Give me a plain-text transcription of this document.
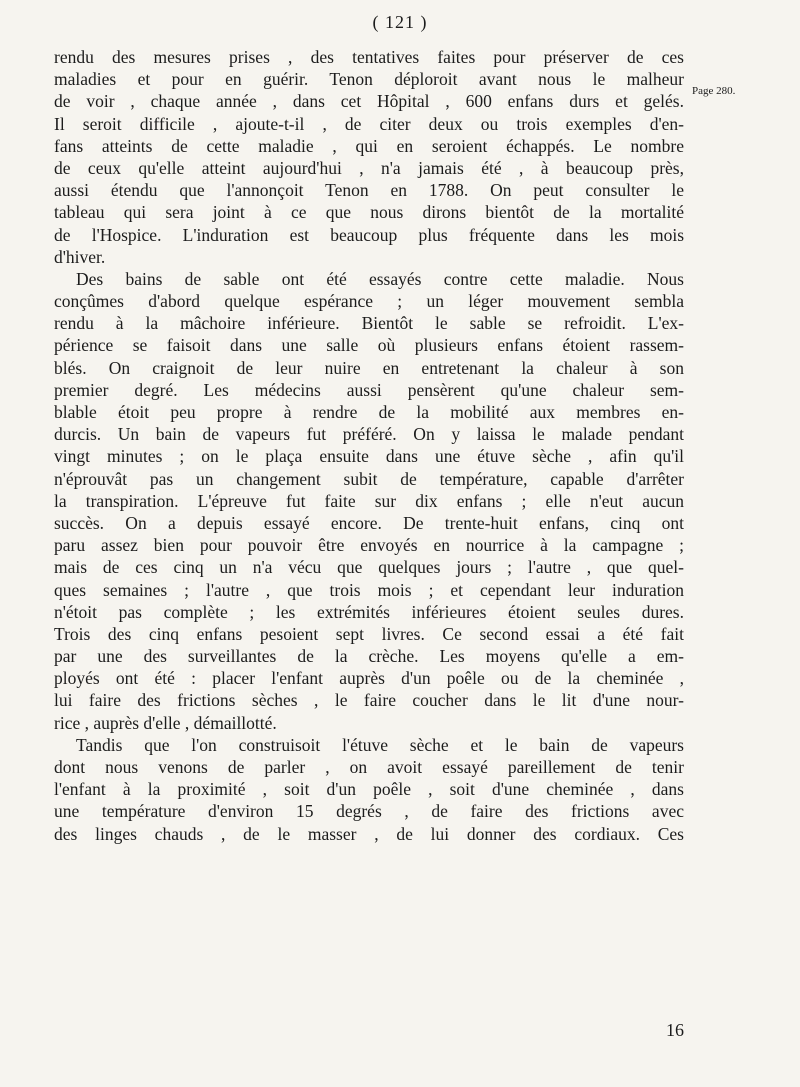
( 121 )
Page 280.
rendu des mesures prises , des tentatives faites pour préserver de ces
maladies et pour en guérir. Tenon déploroit avant nous le malheur
de voir , chaque année , dans cet Hôpital , 600 enfans durs et gelés.
Il seroit difficile , ajoute-t-il , de citer deux ou trois exemples d'en-
fans atteints de cette maladie , qui en seroient échappés. Le nombre
de ceux qu'elle atteint aujourd'hui , n'a jamais été , à beaucoup près,
aussi étendu que l'annonçoit Tenon en 1788. On peut consulter le
tableau qui sera joint à ce que nous dirons bientôt de la mortalité
de l'Hospice. L'induration est beaucoup plus fréquente dans les mois
d'hiver.
Des bains de sable ont été essayés contre cette maladie. Nous
conçûmes d'abord quelque espérance ; un léger mouvement sembla
rendu à la mâchoire inférieure. Bientôt le sable se refroidit. L'ex-
périence se faisoit dans une salle où plusieurs enfans étoient rassem-
blés. On craignoit de leur nuire en entretenant la chaleur à son
premier degré. Les médecins aussi pensèrent qu'une chaleur sem-
blable étoit peu propre à rendre de la mobilité aux membres en-
durcis. Un bain de vapeurs fut préféré. On y laissa le malade pendant
vingt minutes ; on le plaça ensuite dans une étuve sèche , afin qu'il
n'éprouvât pas un changement subit de température, capable d'arrêter
la transpiration. L'épreuve fut faite sur dix enfans ; elle n'eut aucun
succès. On a depuis essayé encore. De trente-huit enfans, cinq ont
paru assez bien pour pouvoir être envoyés en nourrice à la campagne ;
mais de ces cinq un n'a vécu que quelques jours ; l'autre , que quel-
ques semaines ; l'autre , que trois mois ; et cependant leur induration
n'étoit pas complète ; les extrémités inférieures étoient seules dures.
Trois des cinq enfans pesoient sept livres. Ce second essai a été fait
par une des surveillantes de la crèche. Les moyens qu'elle a em-
ployés ont été : placer l'enfant auprès d'un poêle ou de la cheminée ,
lui faire des frictions sèches , le faire coucher dans le lit d'une nour-
rice , auprès d'elle , démaillotté.
Tandis que l'on construisoit l'étuve sèche et le bain de vapeurs
dont nous venons de parler , on avoit essayé pareillement de tenir
l'enfant à la proximité , soit d'un poêle , soit d'une cheminée , dans
une température d'environ 15 degrés , de faire des frictions avec
des linges chauds , de le masser , de lui donner des cordiaux. Ces
16
